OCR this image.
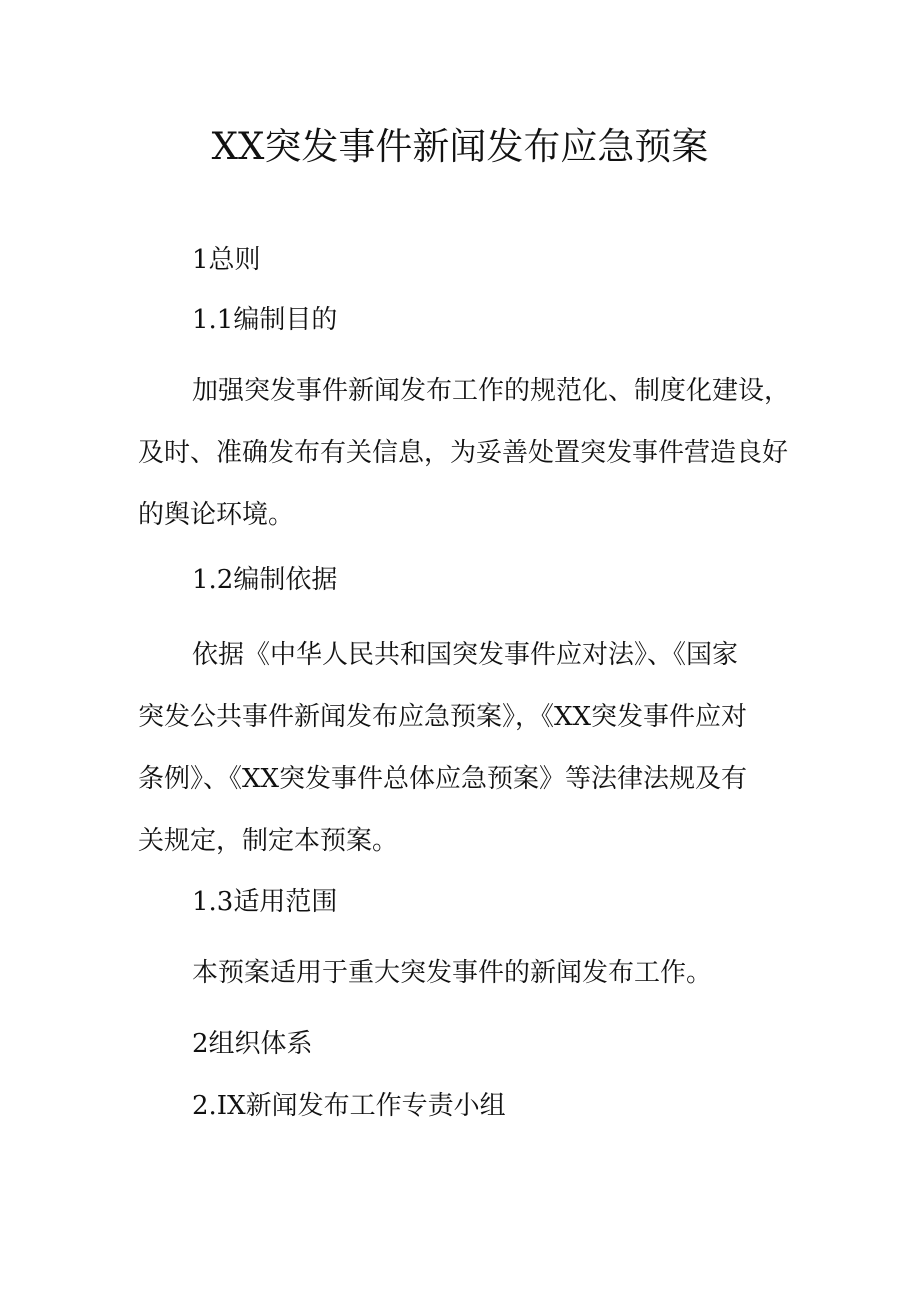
XX突发事件新闻发布应急预案
1总则
1.1编制目的
加强突发事件新闻发布工作的规范化、制度化建设，
及时、准确发布有关信息，为妥善处置突发事件营造良好
的舆论环境。
1.2编制依据
依据《中华人民共和国突发事件应对法》、《国家
突发公共事件新闻发布应急预案》，《XX突发事件应对
条例》、《XX突发事件总体应急预案》等法律法规及有
关规定，制定本预案。
1.3适用范围
本预案适用于重大突发事件的新闻发布工作。
2组织体系
2.IX新闻发布工作专责小组
